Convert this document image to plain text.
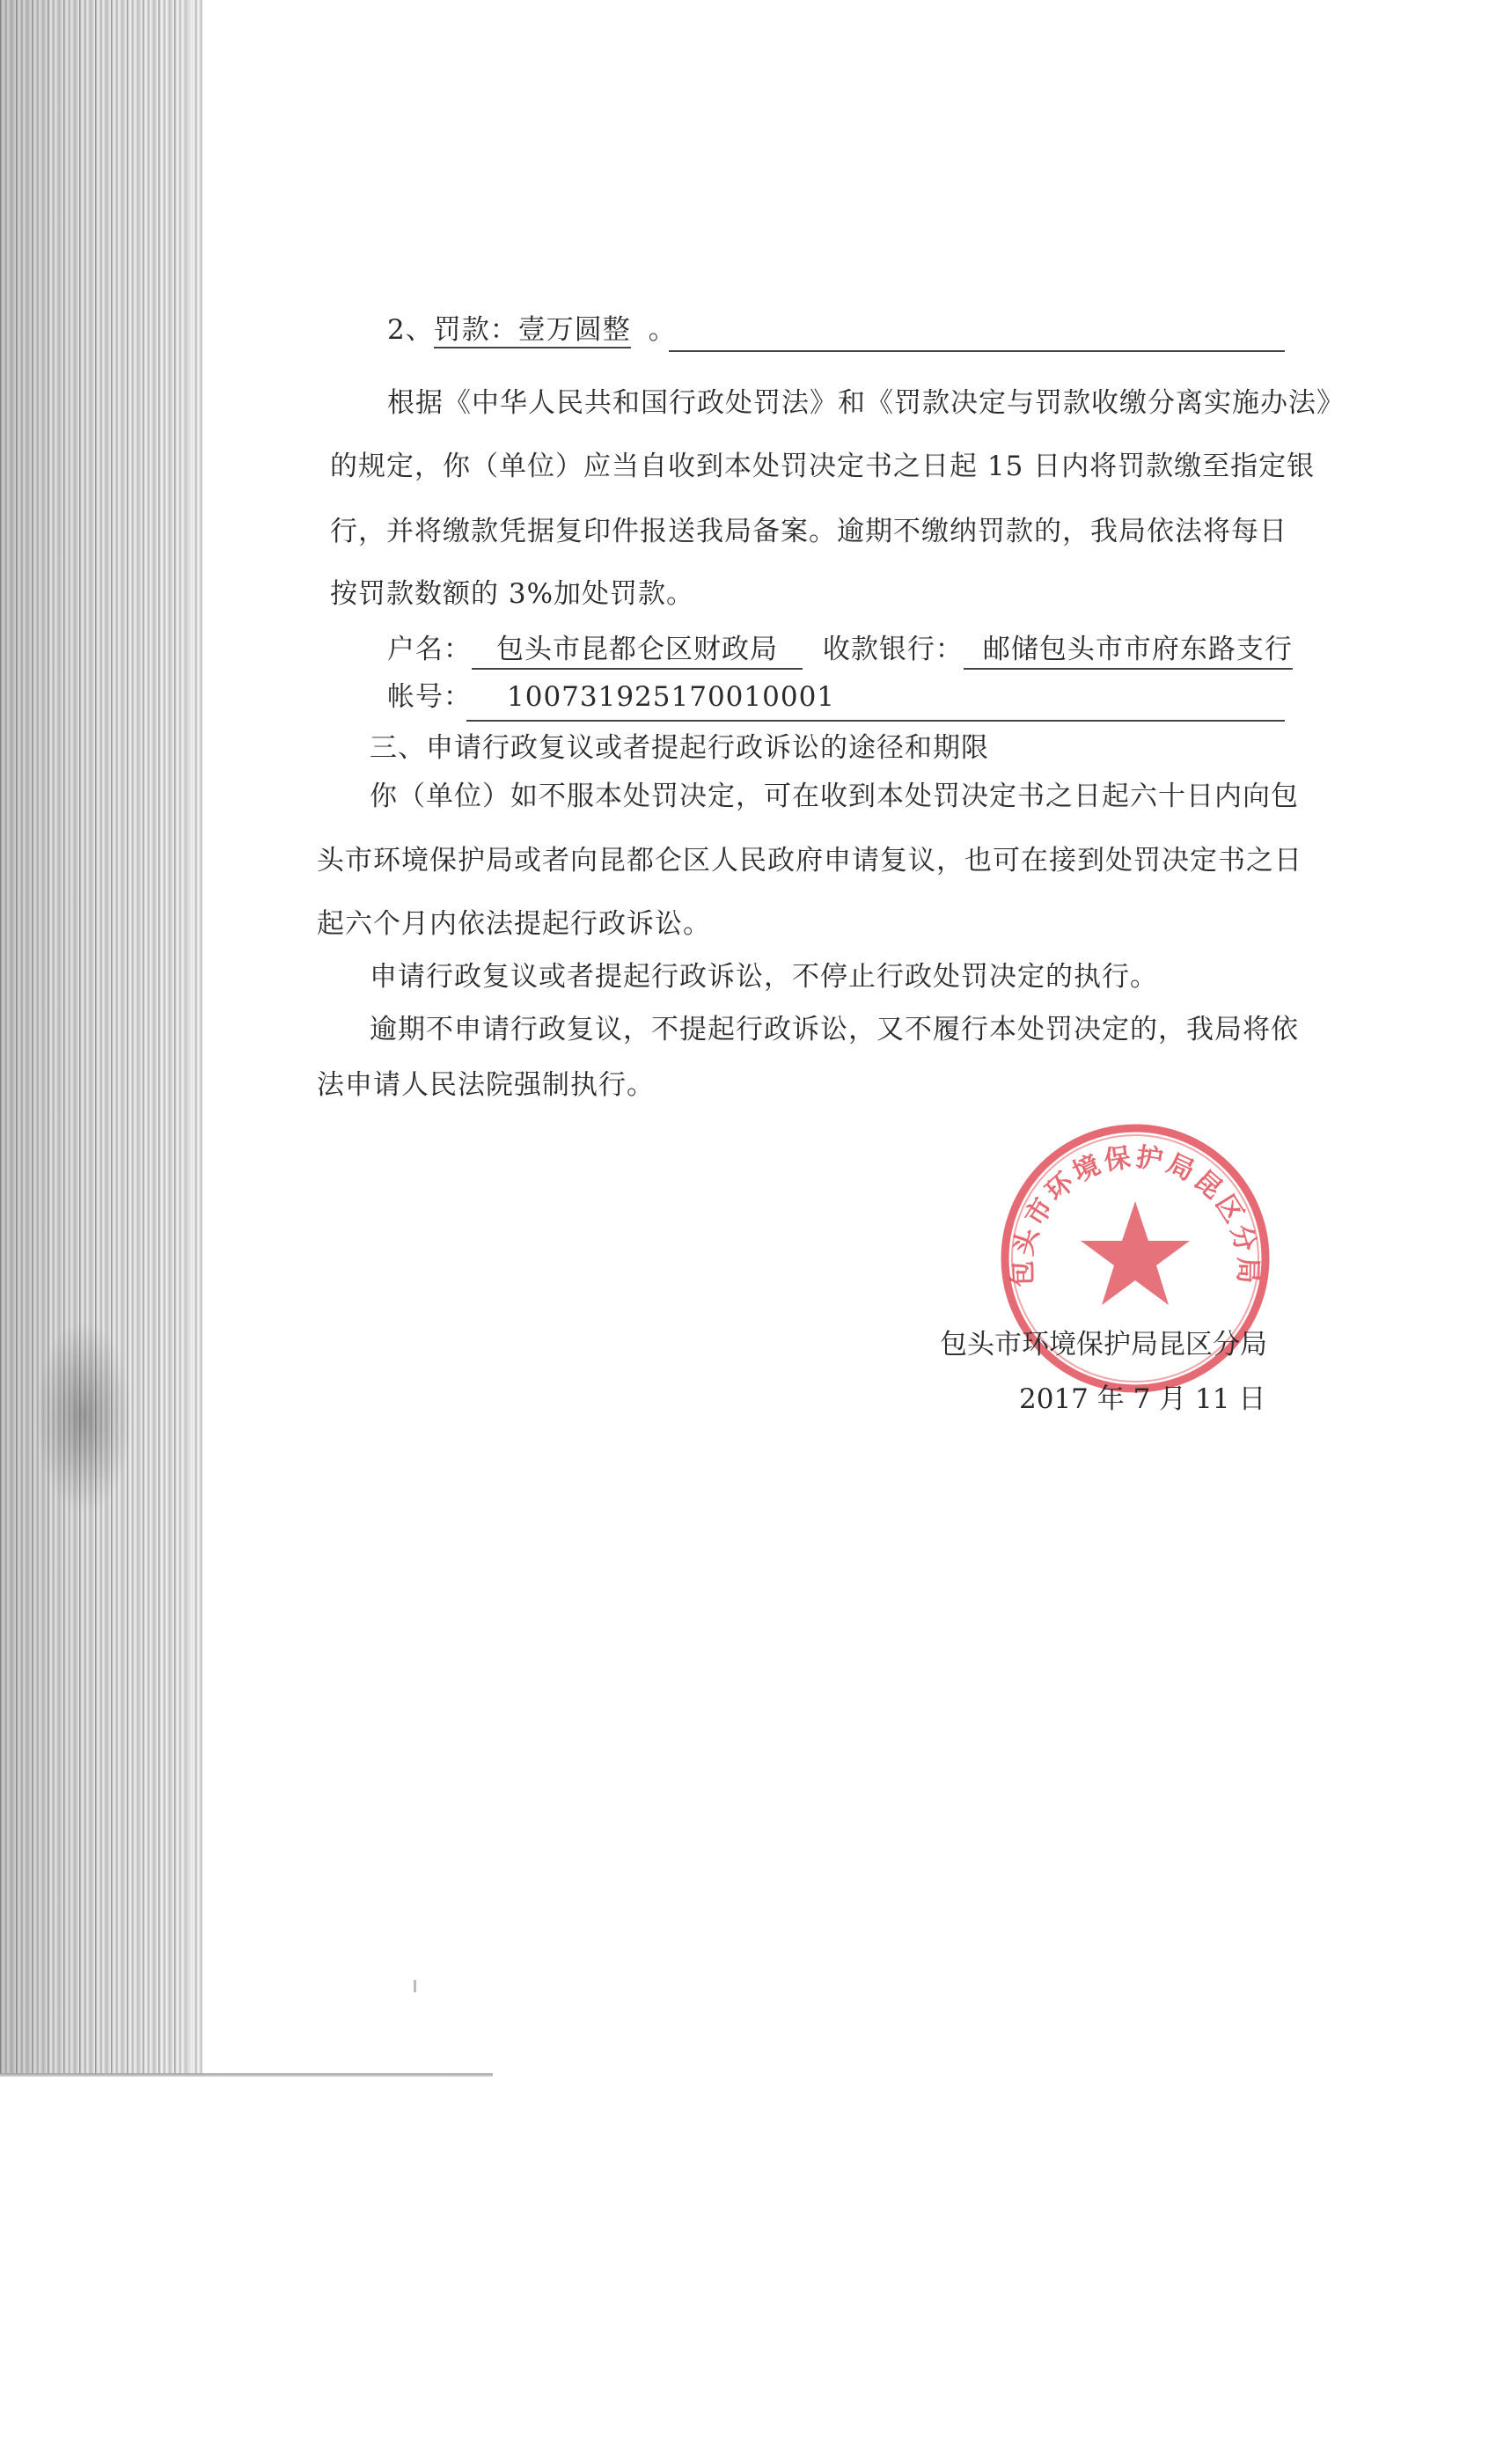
2、罚款：壹万圆整 。
根据《中华人民共和国行政处罚法》和《罚款决定与罚款收缴分离实施办法》
的规定，你（单位）应当自收到本处罚决定书之日起 15 日内将罚款缴至指定银
行，并将缴款凭据复印件报送我局备案。逾期不缴纳罚款的，我局依法将每日
按罚款数额的 3%加处罚款。
户名： 包头市昆都仑区财政局 收款银行： 邮储包头市市府东路支行
帐号： 100731925170010001
三、申请行政复议或者提起行政诉讼的途径和期限
你（单位）如不服本处罚决定，可在收到本处罚决定书之日起六十日内向包
头市环境保护局或者向昆都仑区人民政府申请复议，也可在接到处罚决定书之日
起六个月内依法提起行政诉讼。
申请行政复议或者提起行政诉讼，不停止行政处罚决定的执行。
逾期不申请行政复议，不提起行政诉讼，又不履行本处罚决定的，我局将依
法申请人民法院强制执行。
包头市环境保护局昆区分局
包头市环境保护局昆区分局
2017 年 7 月 11 日
